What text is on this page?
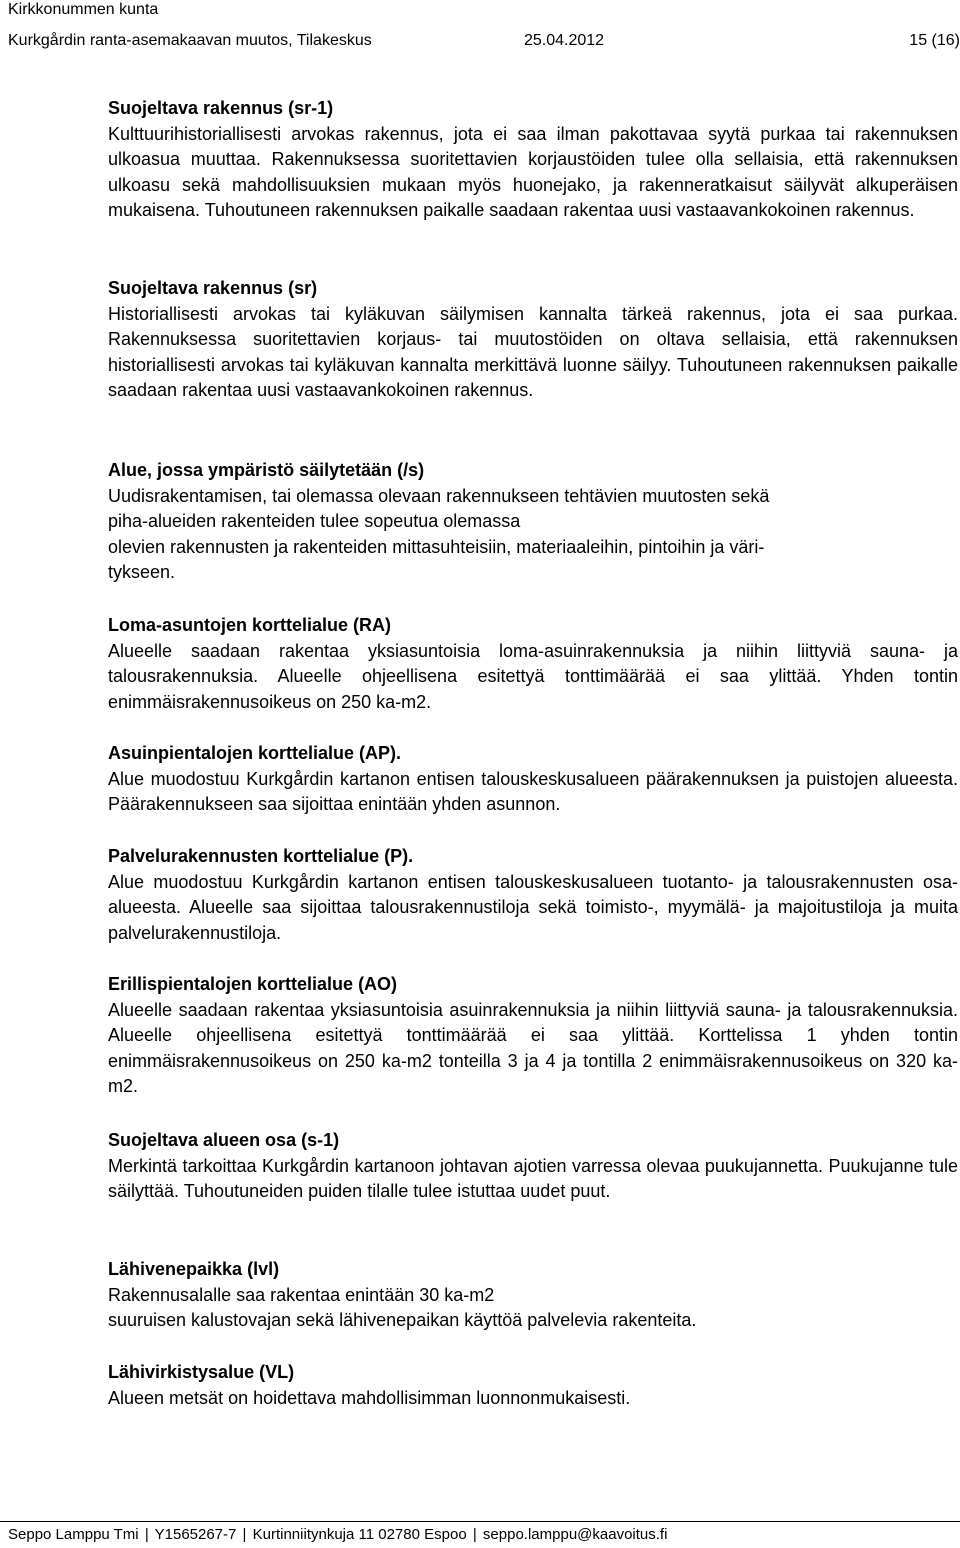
Kirkkonummen kunta
Kurkgårdin ranta-asemakaavan muutos, Tilakeskus	25.04.2012	15 (16)

Suojeltava rakennus (sr-1)

Kulttuurihistoriallisesti arvokas rakennus, jota ei saa ilman pakottavaa syytä purkaa tai rakennuksen ulkoasua muuttaa. Rakennuksessa suoritettavien korjaustöiden tulee olla sellaisia, että rakennuksen ulkoasu sekä mahdollisuuksien mukaan myös huonejako, ja rakenneratkaisut säilyvät alkuperäisen mukaisena. Tuhoutuneen rakennuksen paikalle saadaan rakentaa uusi vastaavankokoinen rakennus.

Suojeltava rakennus (sr)

Historiallisesti arvokas tai kyläkuvan säilymisen kannalta tärkeä rakennus, jota ei saa purkaa. Rakennuksessa suoritettavien korjaus- tai muutostöiden on oltava sellaisia, että rakennuksen historiallisesti arvokas tai kyläkuvan kannalta merkittävä luonne säilyy. Tuhoutuneen rakennuksen paikalle saadaan rakentaa uusi vastaavankokoinen rakennus.

Alue, jossa ympäristö säilytetään (/s)

Uudisrakentamisen, tai olemassa olevaan rakennukseen tehtävien muutosten sekä
piha-alueiden rakenteiden tulee sopeutua olemassa
olevien rakennusten ja rakenteiden mittasuhteisiin, materiaaleihin, pintoihin ja väri-
tykseen.

Loma-asuntojen korttelialue (RA)

Alueelle saadaan rakentaa yksiasuntoisia loma-asuinrakennuksia ja niihin liittyviä sauna- ja talousrakennuksia. Alueelle ohjeellisena esitettyä tonttimäärää ei saa ylittää. Yhden tontin enimmäisrakennusoikeus on 250 ka-m2.

Asuinpientalojen korttelialue (AP).

Alue muodostuu Kurkgårdin kartanon entisen talouskeskusalueen päärakennuksen ja puistojen alueesta. Päärakennukseen saa sijoittaa enintään yhden asunnon.

Palvelurakennusten korttelialue (P).

Alue muodostuu Kurkgårdin kartanon entisen talouskeskusalueen tuotanto- ja talousrakennusten osa-alueesta. Alueelle saa sijoittaa talousrakennustiloja sekä toimisto-, myymälä- ja majoitustiloja ja muita palvelurakennustiloja.

Erillispientalojen korttelialue (AO)

Alueelle saadaan rakentaa yksiasuntoisia asuinrakennuksia ja niihin liittyviä sauna- ja talousrakennuksia. Alueelle ohjeellisena esitettyä tonttimäärää ei saa ylittää. Korttelissa 1 yhden tontin enimmäisrakennusoikeus on 250 ka-m2 tonteilla 3 ja 4 ja tontilla 2 enimmäisrakennusoikeus on 320 ka-m2.

Suojeltava alueen osa (s-1)

Merkintä tarkoittaa Kurkgårdin kartanoon johtavan ajotien varressa olevaa puukujannetta. Puukujanne tule säilyttää. Tuhoutuneiden puiden tilalle tulee istuttaa uudet puut.

Lähivenepaikka (lvl)

Rakennusalalle saa rakentaa enintään 30 ka-m2
suuruisen kalustovajan sekä lähivenepaikan käyttöä palvelevia rakenteita.

Lähivirkistysalue (VL)

Alueen metsät on hoidettava mahdollisimman luonnonmukaisesti.

Seppo Lamppu Tmi | Y1565267-7 | Kurtinniitynkuja 11 02780 Espoo | seppo.lamppu@kaavoitus.fi
